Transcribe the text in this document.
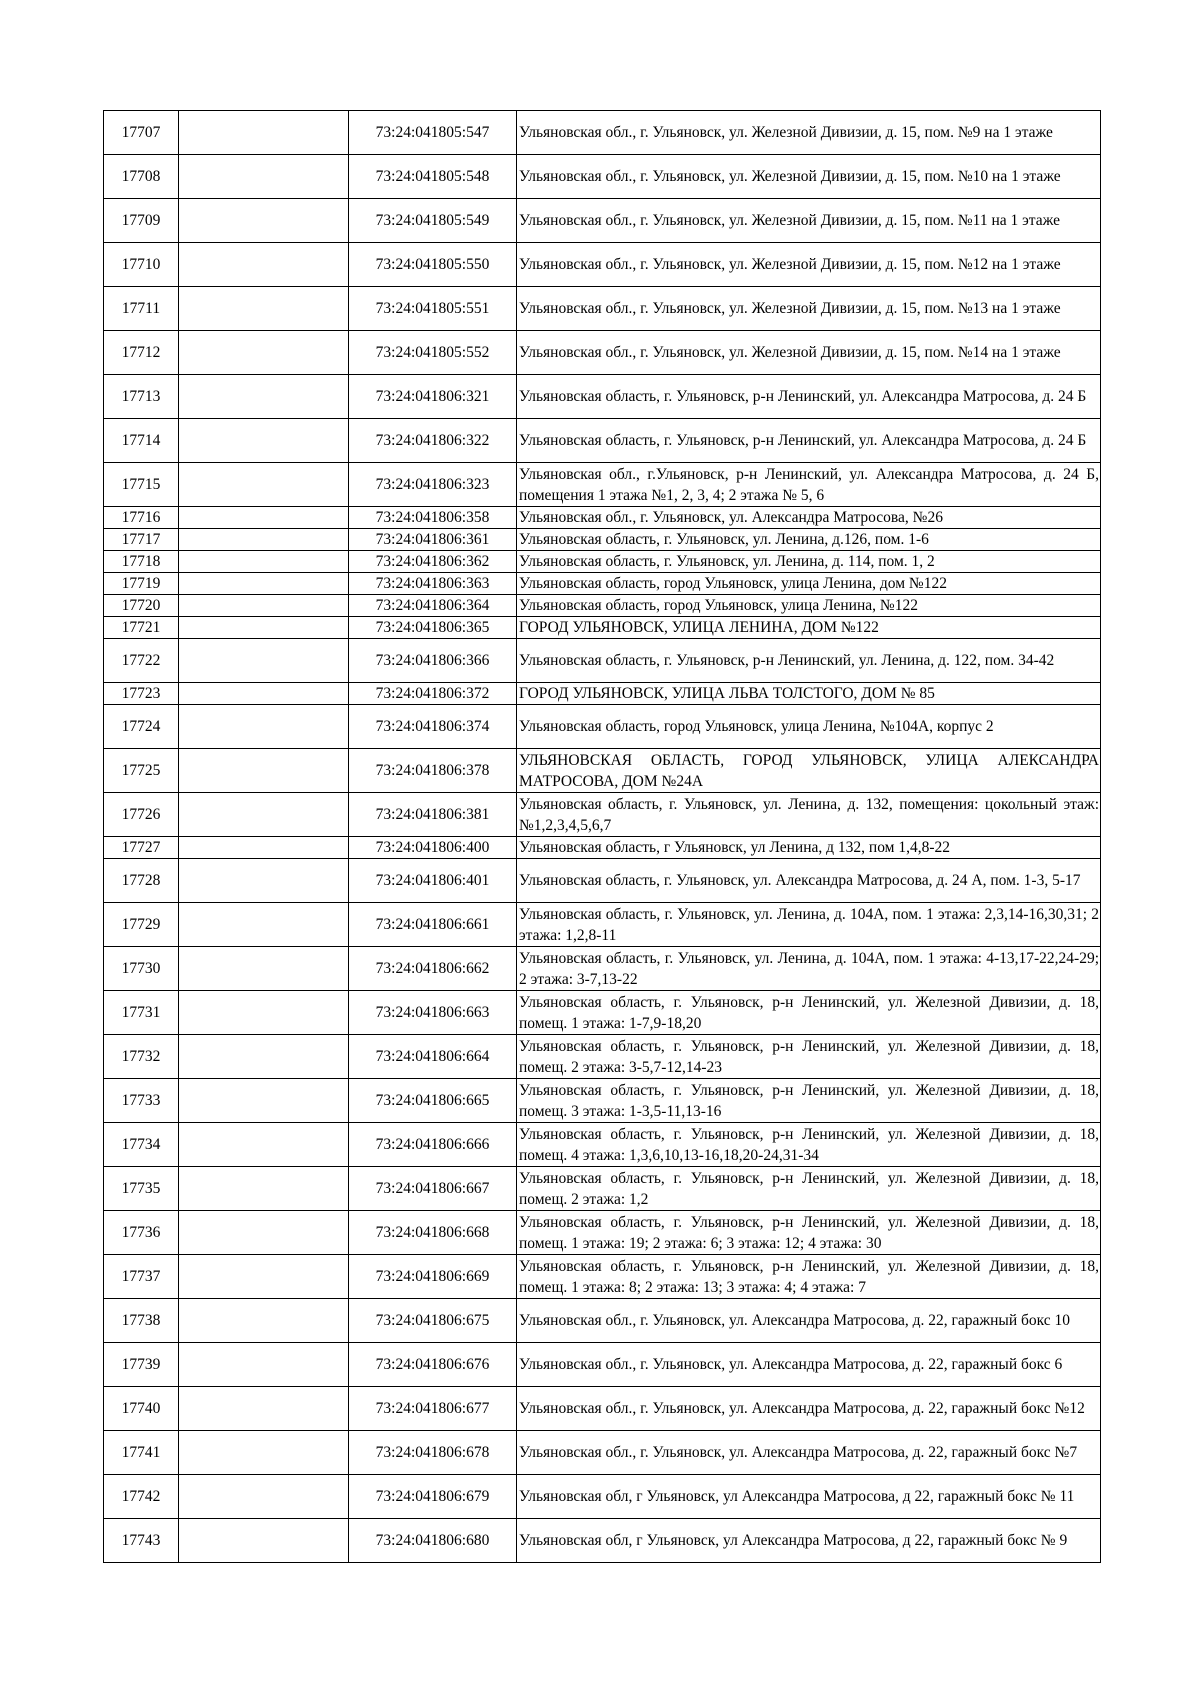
17707		73:24:041805:547	Ульяновская обл., г. Ульяновск, ул. Железной Дивизии, д. 15, пом. №9 на 1 этаже
17708		73:24:041805:548	Ульяновская обл., г. Ульяновск, ул. Железной Дивизии, д. 15, пом. №10 на 1 этаже
17709		73:24:041805:549	Ульяновская обл., г. Ульяновск, ул. Железной Дивизии, д. 15, пом. №11 на 1 этаже
17710		73:24:041805:550	Ульяновская обл., г. Ульяновск, ул. Железной Дивизии, д. 15, пом. №12 на 1 этаже
17711		73:24:041805:551	Ульяновская обл., г. Ульяновск, ул. Железной Дивизии, д. 15, пом. №13 на 1 этаже
17712		73:24:041805:552	Ульяновская обл., г. Ульяновск, ул. Железной Дивизии, д. 15, пом. №14 на 1 этаже
17713		73:24:041806:321	Ульяновская область, г. Ульяновск, р-н Ленинский, ул. Александра Матросова, д. 24 Б
17714		73:24:041806:322	Ульяновская область, г. Ульяновск, р-н Ленинский, ул. Александра Матросова, д. 24 Б
17715		73:24:041806:323	Ульяновская обл., г.Ульяновск, р-н Ленинский, ул. Александра Матросова, д. 24 Б, помещения 1 этажа №1, 2, 3, 4; 2 этажа № 5, 6
17716		73:24:041806:358	Ульяновская обл., г. Ульяновск, ул. Александра Матросова, №26
17717		73:24:041806:361	Ульяновская область, г. Ульяновск, ул. Ленина, д.126, пом. 1-6
17718		73:24:041806:362	Ульяновская область, г. Ульяновск, ул. Ленина, д. 114, пом. 1, 2
17719		73:24:041806:363	Ульяновская область, город Ульяновск, улица Ленина, дом №122
17720		73:24:041806:364	Ульяновская область, город Ульяновск, улица Ленина, №122
17721		73:24:041806:365	ГОРОД УЛЬЯНОВСК, УЛИЦА ЛЕНИНА, ДОМ №122
17722		73:24:041806:366	Ульяновская область, г. Ульяновск, р-н Ленинский, ул. Ленина, д. 122, пом. 34-42
17723		73:24:041806:372	ГОРОД УЛЬЯНОВСК, УЛИЦА ЛЬВА ТОЛСТОГО, ДОМ № 85
17724		73:24:041806:374	Ульяновская область, город Ульяновск, улица Ленина, №104А, корпус 2
17725		73:24:041806:378	УЛЬЯНОВСКАЯ ОБЛАСТЬ, ГОРОД УЛЬЯНОВСК, УЛИЦА АЛЕКСАНДРА МАТРОСОВА, ДОМ №24А
17726		73:24:041806:381	Ульяновская область, г. Ульяновск, ул. Ленина, д. 132, помещения: цокольный этаж: №1,2,3,4,5,6,7
17727		73:24:041806:400	Ульяновская область, г Ульяновск, ул Ленина, д 132, пом 1,4,8-22
17728		73:24:041806:401	Ульяновская область, г. Ульяновск, ул. Александра Матросова, д. 24 А, пом. 1-3, 5-17
17729		73:24:041806:661	Ульяновская область, г. Ульяновск, ул. Ленина, д. 104А, пом. 1 этажа: 2,3,14-16,30,31; 2 этажа: 1,2,8-11
17730		73:24:041806:662	Ульяновская область, г. Ульяновск, ул. Ленина, д. 104А, пом. 1 этажа: 4-13,17-22,24-29; 2 этажа: 3-7,13-22
17731		73:24:041806:663	Ульяновская область, г. Ульяновск, р-н Ленинский, ул. Железной Дивизии, д. 18, помещ. 1 этажа: 1-7,9-18,20
17732		73:24:041806:664	Ульяновская область, г. Ульяновск, р-н Ленинский, ул. Железной Дивизии, д. 18, помещ. 2 этажа: 3-5,7-12,14-23
17733		73:24:041806:665	Ульяновская область, г. Ульяновск, р-н Ленинский, ул. Железной Дивизии, д. 18, помещ. 3 этажа: 1-3,5-11,13-16
17734		73:24:041806:666	Ульяновская область, г. Ульяновск, р-н Ленинский, ул. Железной Дивизии, д. 18, помещ. 4 этажа: 1,3,6,10,13-16,18,20-24,31-34
17735		73:24:041806:667	Ульяновская область, г. Ульяновск, р-н Ленинский, ул. Железной Дивизии, д. 18, помещ. 2 этажа: 1,2
17736		73:24:041806:668	Ульяновская область, г. Ульяновск, р-н Ленинский, ул. Железной Дивизии, д. 18, помещ. 1 этажа: 19; 2 этажа: 6; 3 этажа: 12; 4 этажа: 30
17737		73:24:041806:669	Ульяновская область, г. Ульяновск, р-н Ленинский, ул. Железной Дивизии, д. 18, помещ. 1 этажа: 8; 2 этажа: 13; 3 этажа: 4; 4 этажа: 7
17738		73:24:041806:675	Ульяновская обл., г. Ульяновск, ул. Александра Матросова, д. 22, гаражный бокс 10
17739		73:24:041806:676	Ульяновская обл., г. Ульяновск, ул. Александра Матросова, д. 22, гаражный бокс 6
17740		73:24:041806:677	Ульяновская обл., г. Ульяновск, ул. Александра Матросова, д. 22, гаражный бокс №12
17741		73:24:041806:678	Ульяновская обл., г. Ульяновск, ул. Александра Матросова, д. 22, гаражный бокс №7
17742		73:24:041806:679	Ульяновская обл, г Ульяновск, ул Александра Матросова, д 22, гаражный бокс № 11
17743		73:24:041806:680	Ульяновская обл, г Ульяновск, ул Александра Матросова, д 22, гаражный бокс № 9
